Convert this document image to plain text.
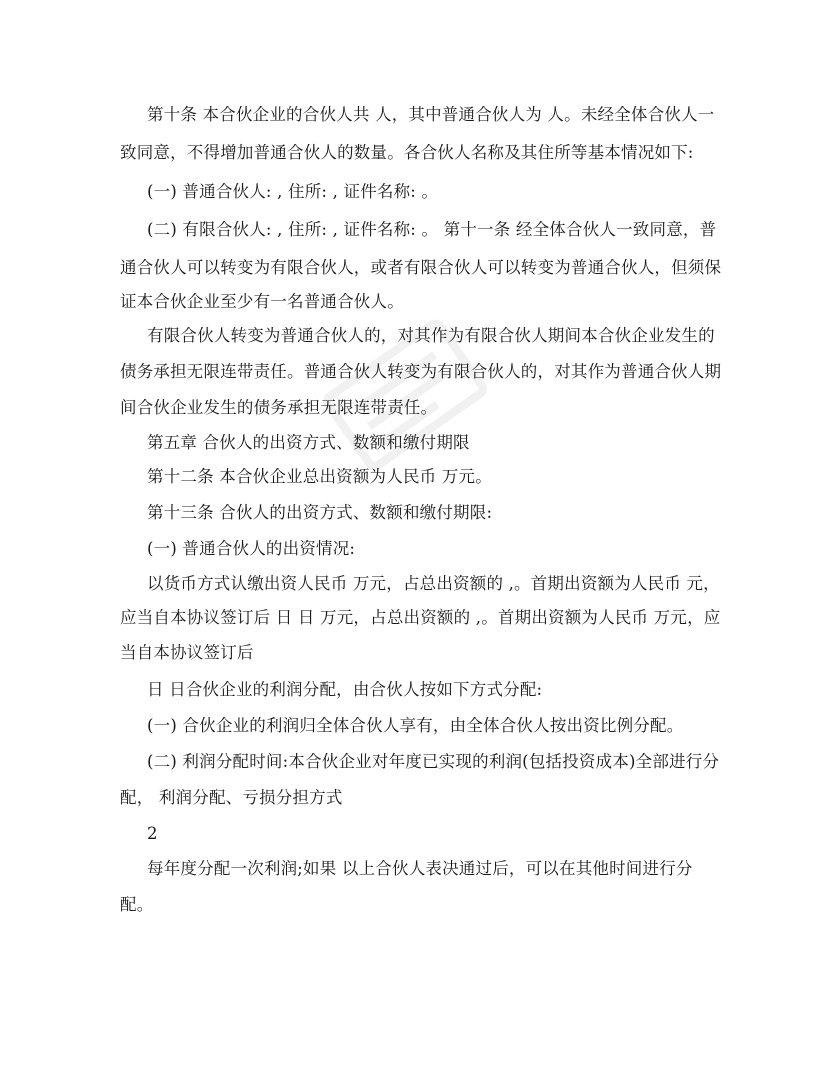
第十条 本合伙企业的合伙人共 人，其中普通合伙人为 人。未经全体合伙人一
致同意，不得增加普通合伙人的数量。各合伙人名称及其住所等基本情况如下:
(一) 普通合伙人: , 住所: , 证件名称: 。
(二) 有限合伙人: , 住所: , 证件名称: 。 第十一条 经全体合伙人一致同意，普
通合伙人可以转变为有限合伙人，或者有限合伙人可以转变为普通合伙人，但须保
证本合伙企业至少有一名普通合伙人。
有限合伙人转变为普通合伙人的，对其作为有限合伙人期间本合伙企业发生的
债务承担无限连带责任。普通合伙人转变为有限合伙人的，对其作为普通合伙人期
间合伙企业发生的债务承担无限连带责任。
第五章 合伙人的出资方式、数额和缴付期限
第十二条 本合伙企业总出资额为人民币 万元。
第十三条 合伙人的出资方式、数额和缴付期限:
(一) 普通合伙人的出资情况:
以货币方式认缴出资人民币 万元，占总出资额的 ,。首期出资额为人民币 元，
应当自本协议签订后 日 日 万元，占总出资额的 ,。首期出资额为人民币 万元，应
当自本协议签订后
日 日合伙企业的利润分配，由合伙人按如下方式分配:
(一) 合伙企业的利润归全体合伙人享有，由全体合伙人按出资比例分配。
(二) 利润分配时间:本合伙企业对年度已实现的利润(包括投资成本)全部进行分
配， 利润分配、亏损分担方式
2
每年度分配一次利润;如果 以上合伙人表决通过后，可以在其他时间进行分
配。
